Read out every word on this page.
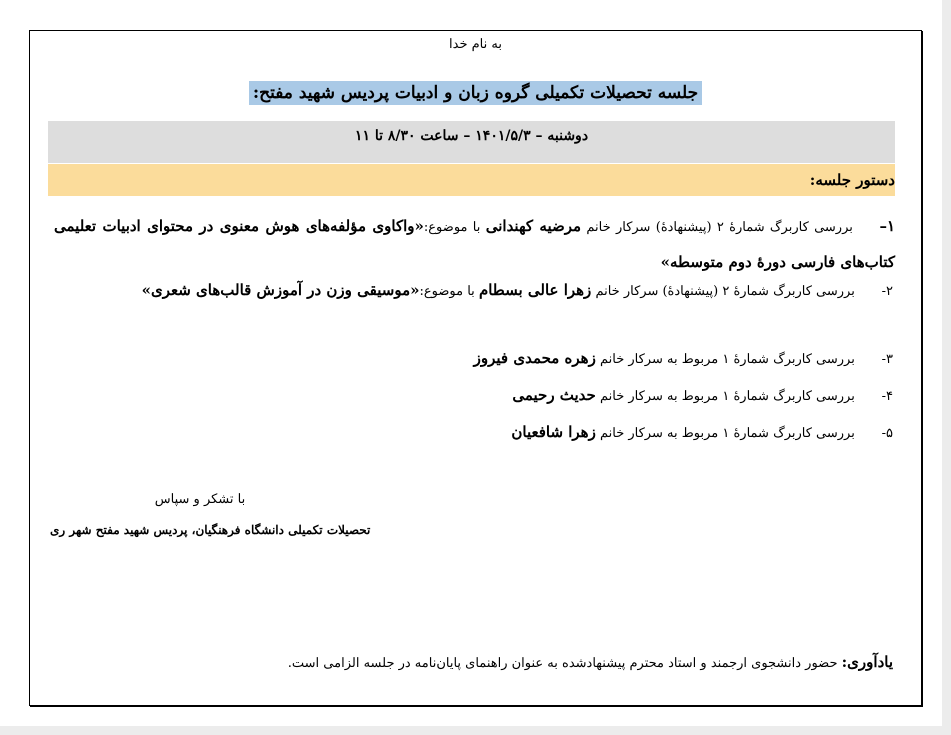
به نام خدا
جلسه تحصیلات تکمیلی گروه زبان و ادبیات پردیس شهید مفتح:
دوشنبه – ۱۴۰۱/۵/۳ – ساعت ۸/۳۰ تا ۱۱
دستور جلسه:
۱–     بررسی کاربرگ شمارهٔ ۲ (پیشنهادهٔ) سرکار خانم مرضیه کهندانی با موضوع:«واکاوی مؤلفه‌های هوش معنوی در محتوای ادبیات تعلیمی کتاب‌های فارسی دورهٔ دوم متوسطه»
۲- بررسی کاربرگ شمارهٔ ۲ (پیشنهادهٔ) سرکار خانم زهرا عالی بسطام با موضوع:«موسیقی وزن در آموزش قالب‌های شعری»
۳- بررسی کاربرگ شمارهٔ ۱ مربوط به سرکار خانم زهره محمدی فیروز
۴- بررسی کاربرگ شمارهٔ ۱ مربوط به سرکار خانم حدیث رحیمی
۵- بررسی کاربرگ شمارهٔ ۱ مربوط به سرکار خانم زهرا شافعیان
با تشکر و سپاس
تحصیلات تکمیلی دانشگاه فرهنگیان، پردیس شهید مفتح شهر ری
یادآوری: حضور دانشجوی ارجمند و استاد محترم پیشنهادشده به عنوان راهنمای پایان‌نامه در جلسه الزامی است.
